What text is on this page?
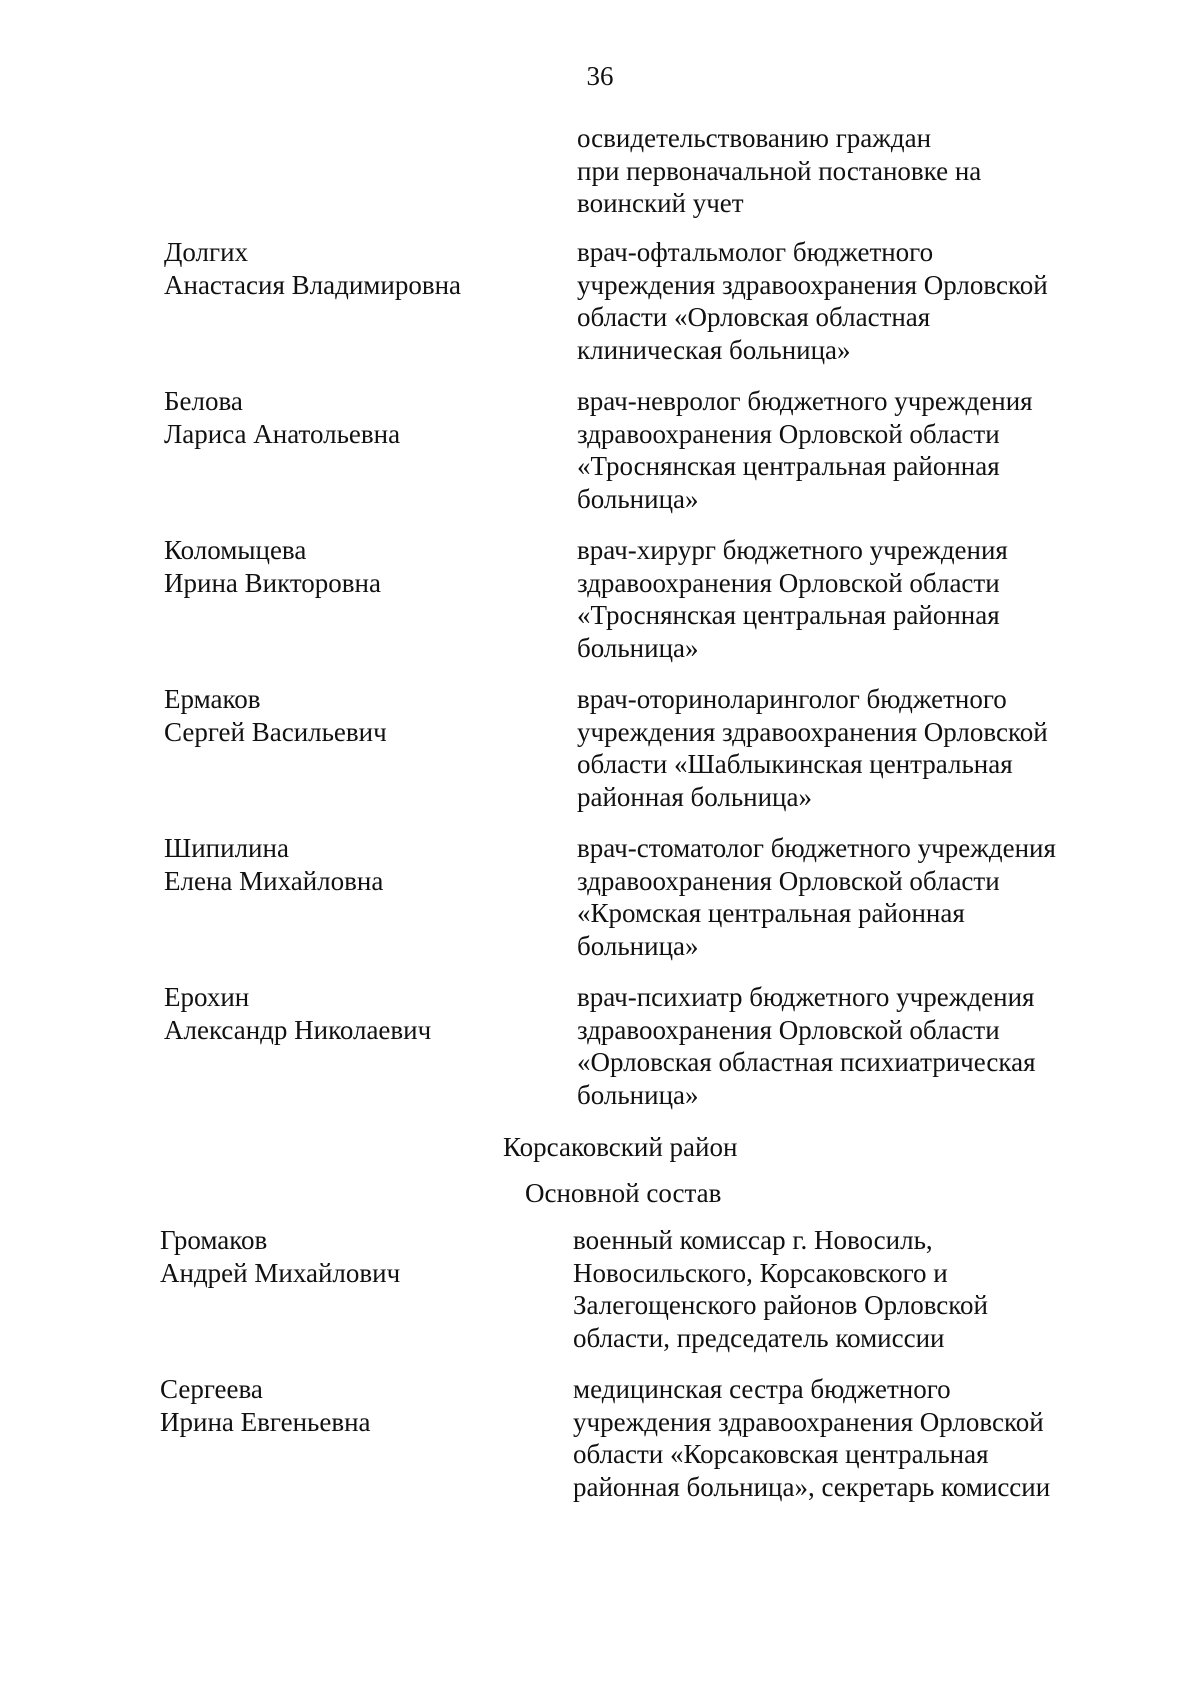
36
освидетельствованию граждан
при первоначальной постановке на
воинский учет
Долгих
Анастасия Владимировна
врач-офтальмолог бюджетного
учреждения здравоохранения Орловской
области «Орловская областная
клиническая больница»
Белова
Лариса Анатольевна
врач-невролог бюджетного учреждения
здравоохранения Орловской области
«Троснянская центральная районная
больница»
Коломыцева
Ирина Викторовна
врач-хирург бюджетного учреждения
здравоохранения Орловской области
«Троснянская центральная районная
больница»
Ермаков
Сергей Васильевич
врач-оториноларинголог бюджетного
учреждения здравоохранения Орловской
области «Шаблыкинская центральная
районная больница»
Шипилина
Елена Михайловна
врач-стоматолог бюджетного учреждения
здравоохранения Орловской области
«Кромская центральная районная
больница»
Ерохин
Александр Николаевич
врач-психиатр бюджетного учреждения
здравоохранения Орловской области
«Орловская областная психиатрическая
больница»
Корсаковский район
Основной состав
Громаков
Андрей Михайлович
военный комиссар г. Новосиль,
Новосильского, Корсаковского и
Залегощенского районов Орловской
области, председатель комиссии
Сергеева
Ирина Евгеньевна
медицинская сестра бюджетного
учреждения здравоохранения Орловской
области «Корсаковская центральная
районная больница», секретарь комиссии
